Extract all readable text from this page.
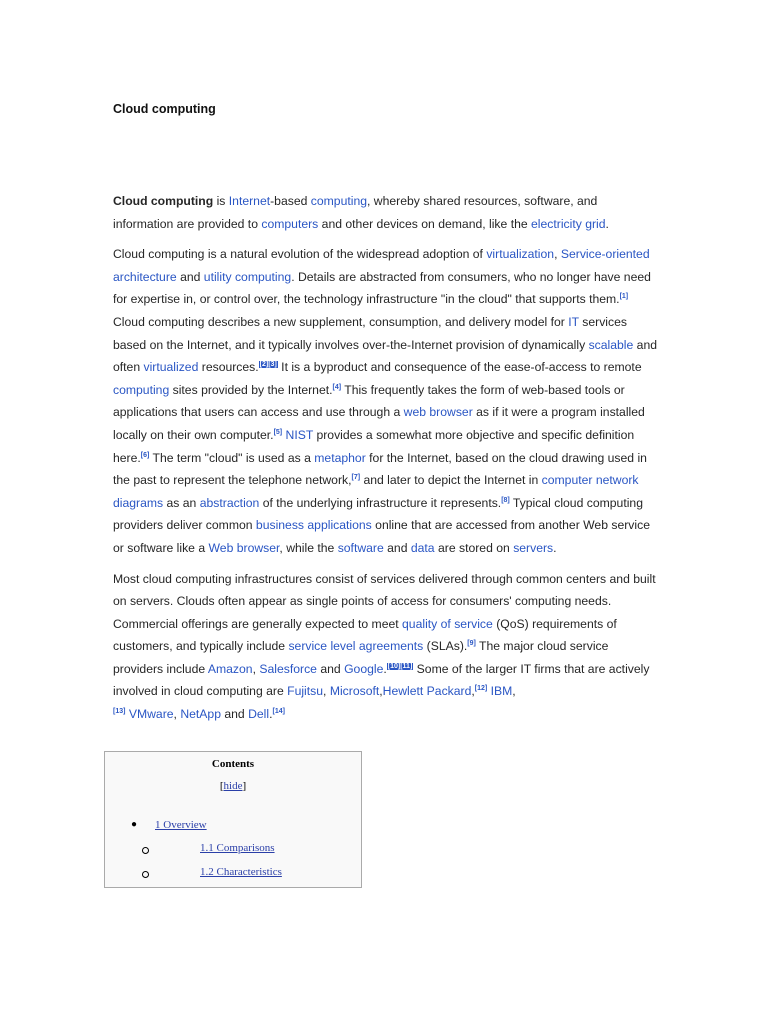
Cloud computing

Cloud computing is Internet-based computing, whereby shared resources, software, and information are provided to computers and other devices on demand, like the electricity grid.

Cloud computing is a natural evolution of the widespread adoption of virtualization, Service-oriented architecture and utility computing. Details are abstracted from consumers, who no longer have need for expertise in, or control over, the technology infrastructure "in the cloud" that supports them.[1] Cloud computing describes a new supplement, consumption, and delivery model for IT services based on the Internet, and it typically involves over-the-Internet provision of dynamically scalable and often virtualized resources.[2][3] It is a byproduct and consequence of the ease-of-access to remote computing sites provided by the Internet.[4] This frequently takes the form of web-based tools or applications that users can access and use through a web browser as if it were a program installed locally on their own computer.[5] NIST provides a somewhat more objective and specific definition here.[6] The term "cloud" is used as a metaphor for the Internet, based on the cloud drawing used in the past to represent the telephone network,[7] and later to depict the Internet in computer network diagrams as an abstraction of the underlying infrastructure it represents.[8] Typical cloud computing providers deliver common business applications online that are accessed from another Web service or software like a Web browser, while the software and data are stored on servers.

Most cloud computing infrastructures consist of services delivered through common centers and built on servers. Clouds often appear as single points of access for consumers' computing needs. Commercial offerings are generally expected to meet quality of service (QoS) requirements of customers, and typically include service level agreements (SLAs).[9] The major cloud service providers include Amazon, Salesforce and Google.[10][11] Some of the larger IT firms that are actively involved in cloud computing are Fujitsu, Microsoft,Hewlett Packard,[12] IBM,
[13] VMware, NetApp and Dell.[14]

Contents
[hide]
● 1 Overview
1.1 Comparisons
1.2 Characteristics
